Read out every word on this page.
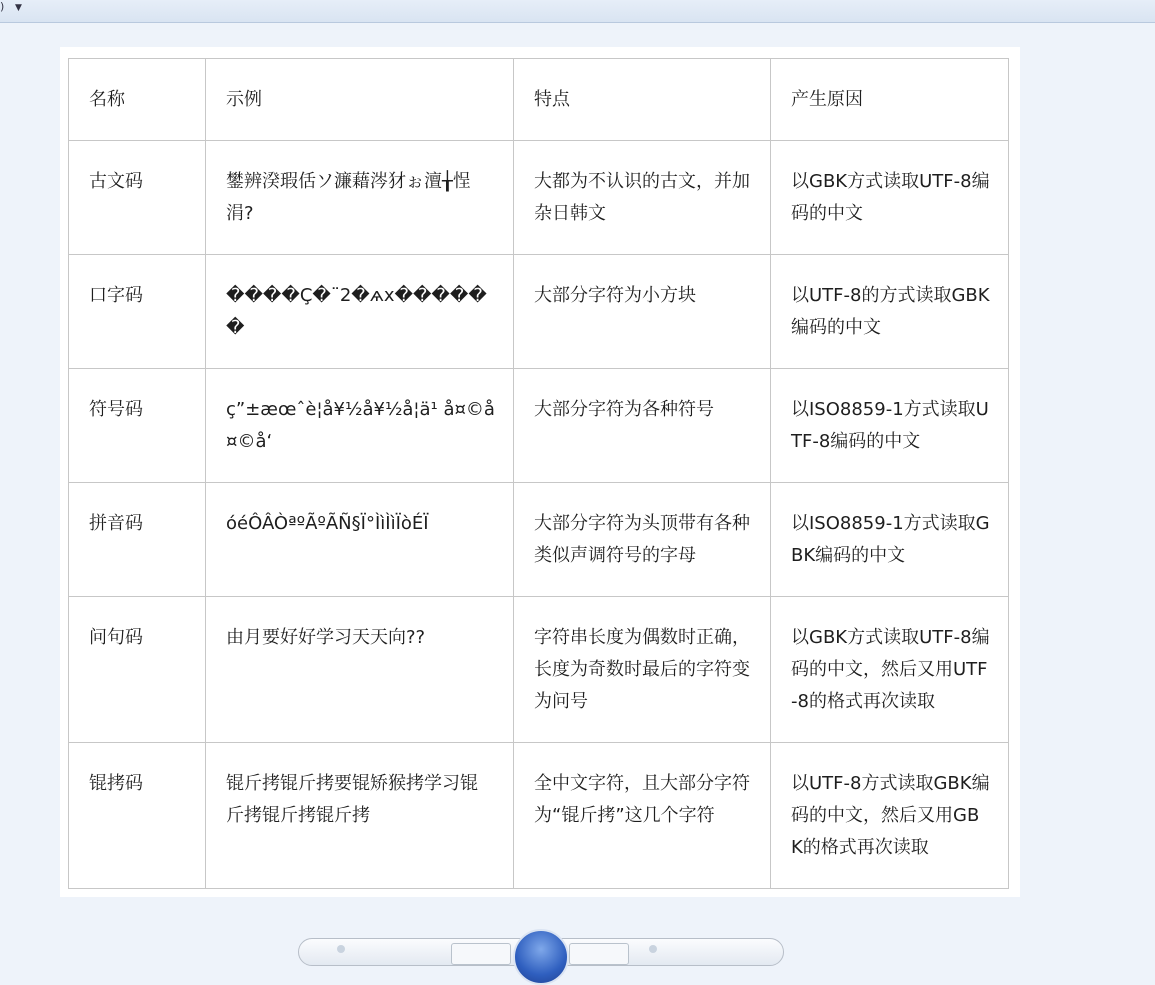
) ▼
名称	示例	特点	产生原因
古文码	鐢辨湀瑕佸ソ濂藉涔犲ぉ澶╁悜涓?	大都为不认识的古文，并加杂日韩文	以GBK方式读取UTF-8编码的中文
口字码	����Ç�¨2�ѧх������	大部分字符为小方块	以UTF-8的方式读取GBK编码的中文
符号码	ç”±æœˆè¦å¥½å¥½å¦ä¹ å¤©å¤©å‘	大部分字符为各种符号	以ISO8859-1方式读取UTF-8编码的中文
拼音码	óéÔÂÒªºÃºÃÑ§Ï°ÌìÌìÏòÉÏ	大部分字符为头顶带有各种类似声调符号的字母	以ISO8859-1方式读取GBK编码的中文
问句码	由月要好好学习天天向??	字符串长度为偶数时正确，长度为奇数时最后的字符变为问号	以GBK方式读取UTF-8编码的中文，然后又用UTF-8的格式再次读取
锟拷码	锟斤拷锟斤拷要锟矫猴拷学习锟斤拷锟斤拷锟斤拷	全中文字符，且大部分字符为“锟斤拷”这几个字符	以UTF-8方式读取GBK编码的中文，然后又用GBK的格式再次读取
